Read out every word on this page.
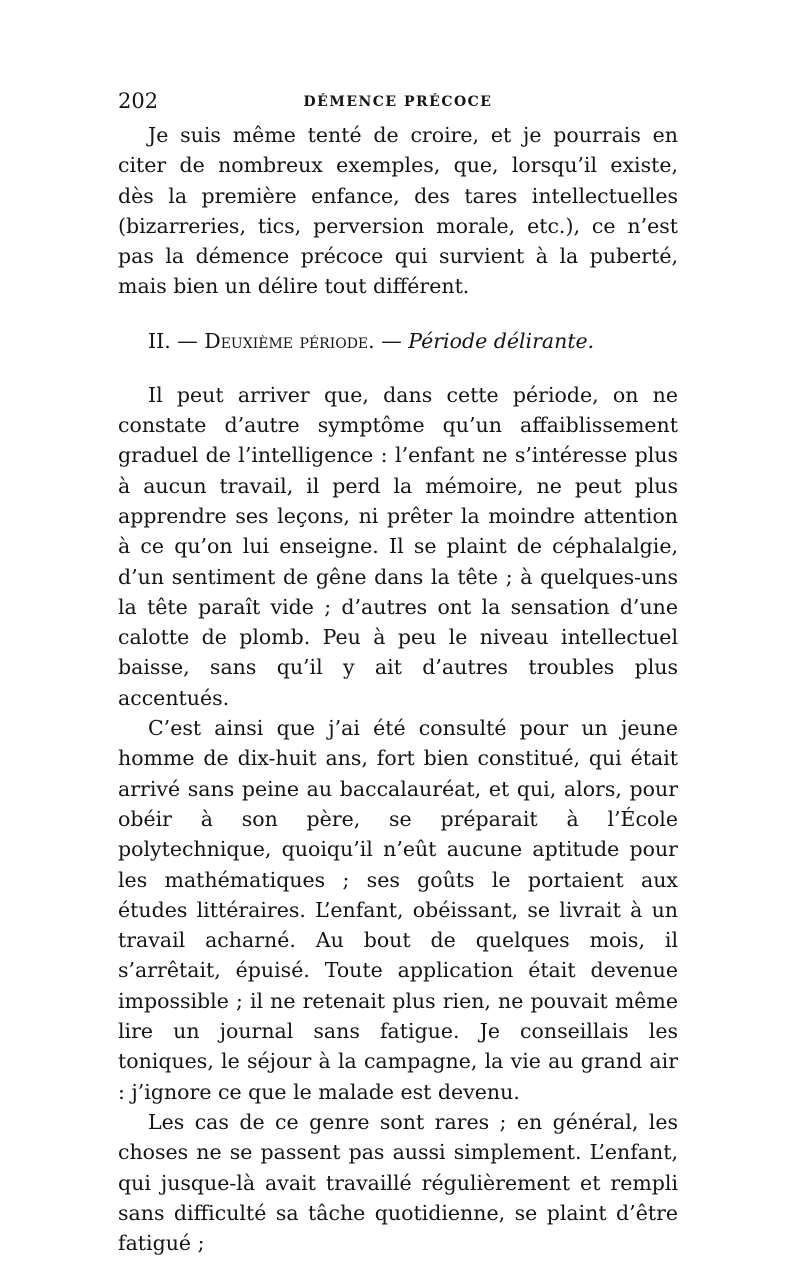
202	DÉMENCE PRÉCOCE

Je suis même tenté de croire, et je pourrais en citer de nombreux exemples, que, lorsqu’il existe, dès la première enfance, des tares intellectuelles (bizarreries, tics, perversion morale, etc.), ce n’est pas la démence précoce qui survient à la puberté, mais bien un délire tout différent.

II. — Deuxième période. — Période délirante.

Il peut arriver que, dans cette période, on ne constate d’autre symptôme qu’un affaiblissement graduel de l’intelligence : l’enfant ne s’intéresse plus à aucun travail, il perd la mémoire, ne peut plus apprendre ses leçons, ni prêter la moindre attention à ce qu’on lui enseigne. Il se plaint de céphalalgie, d’un sentiment de gêne dans la tête ; à quelques-uns la tête paraît vide ; d’autres ont la sensation d’une calotte de plomb. Peu à peu le niveau intellectuel baisse, sans qu’il y ait d’autres troubles plus accentués.

C’est ainsi que j’ai été consulté pour un jeune homme de dix-huit ans, fort bien constitué, qui était arrivé sans peine au baccalauréat, et qui, alors, pour obéir à son père, se préparait à l’École polytechnique, quoiqu’il n’eût aucune aptitude pour les mathématiques ; ses goûts le portaient aux études littéraires. L’enfant, obéissant, se livrait à un travail acharné. Au bout de quelques mois, il s’arrêtait, épuisé. Toute application était devenue impossible ; il ne retenait plus rien, ne pouvait même lire un journal sans fatigue. Je conseillais les toniques, le séjour à la campagne, la vie au grand air : j’ignore ce que le malade est devenu.

Les cas de ce genre sont rares ; en général, les choses ne se passent pas aussi simplement. L’enfant, qui jusque-là avait travaillé régulièrement et rempli sans difficulté sa tâche quotidienne, se plaint d’être fatigué ;
